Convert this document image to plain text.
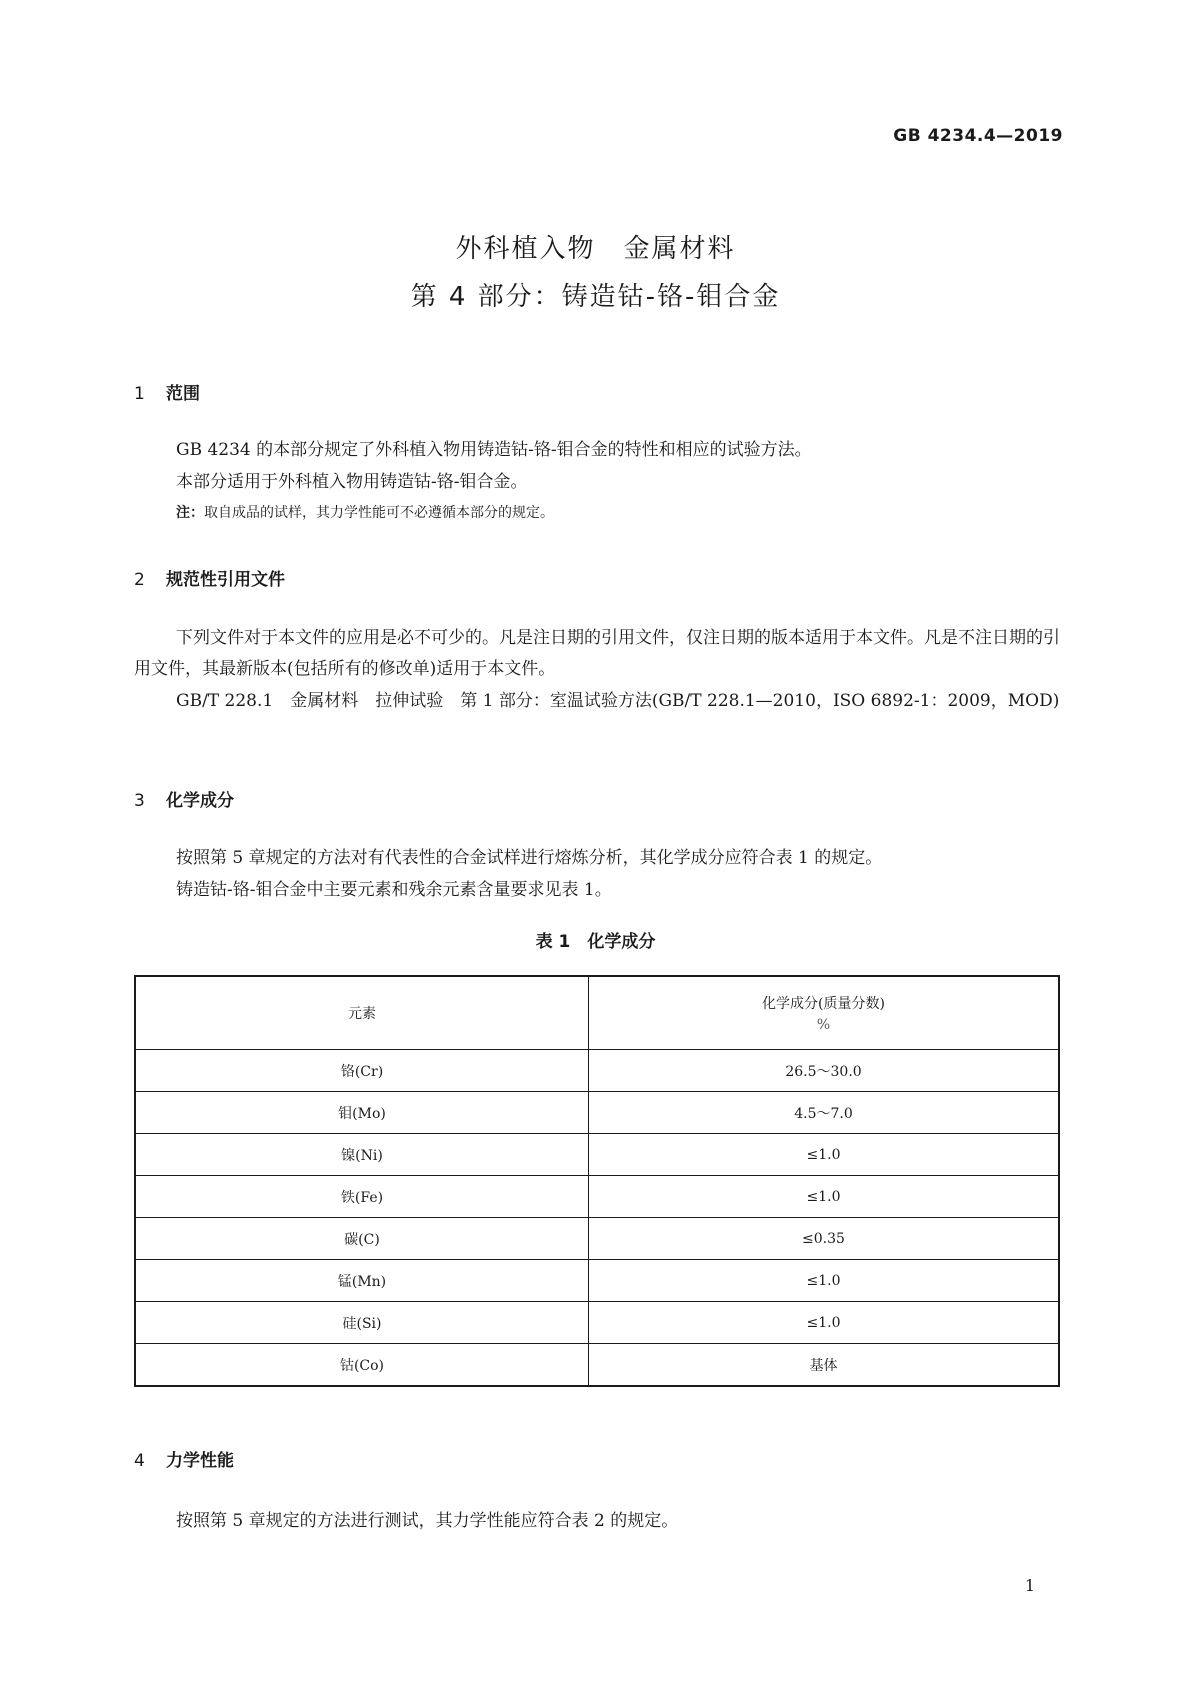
GB 4234.4—2019
外科植入物　金属材料
第 4 部分：铸造钴-铬-钼合金
1 范围
GB 4234 的本部分规定了外科植入物用铸造钴-铬-钼合金的特性和相应的试验方法。
本部分适用于外科植入物用铸造钴-铬-钼合金。
注：取自成品的试样，其力学性能可不必遵循本部分的规定。
2 规范性引用文件
下列文件对于本文件的应用是必不可少的。凡是注日期的引用文件，仅注日期的版本适用于本文件。凡是不注日期的引用文件，其最新版本(包括所有的修改单)适用于本文件。
GB/T 228.1　金属材料　拉伸试验　第 1 部分：室温试验方法(GB/T 228.1—2010，ISO 6892-1：2009，MOD)
3 化学成分
按照第 5 章规定的方法对有代表性的合金试样进行熔炼分析，其化学成分应符合表 1 的规定。
铸造钴-铬-钼合金中主要元素和残余元素含量要求见表 1。
表 1　化学成分
元素	化学成分(质量分数)
%

铬(Cr)	26.5～30.0
钼(Mo)	4.5～7.0
镍(Ni)	≤1.0
铁(Fe)	≤1.0
碳(C)	≤0.35
锰(Mn)	≤1.0
硅(Si)	≤1.0
钴(Co)	基体
4 力学性能
按照第 5 章规定的方法进行测试，其力学性能应符合表 2 的规定。
1
